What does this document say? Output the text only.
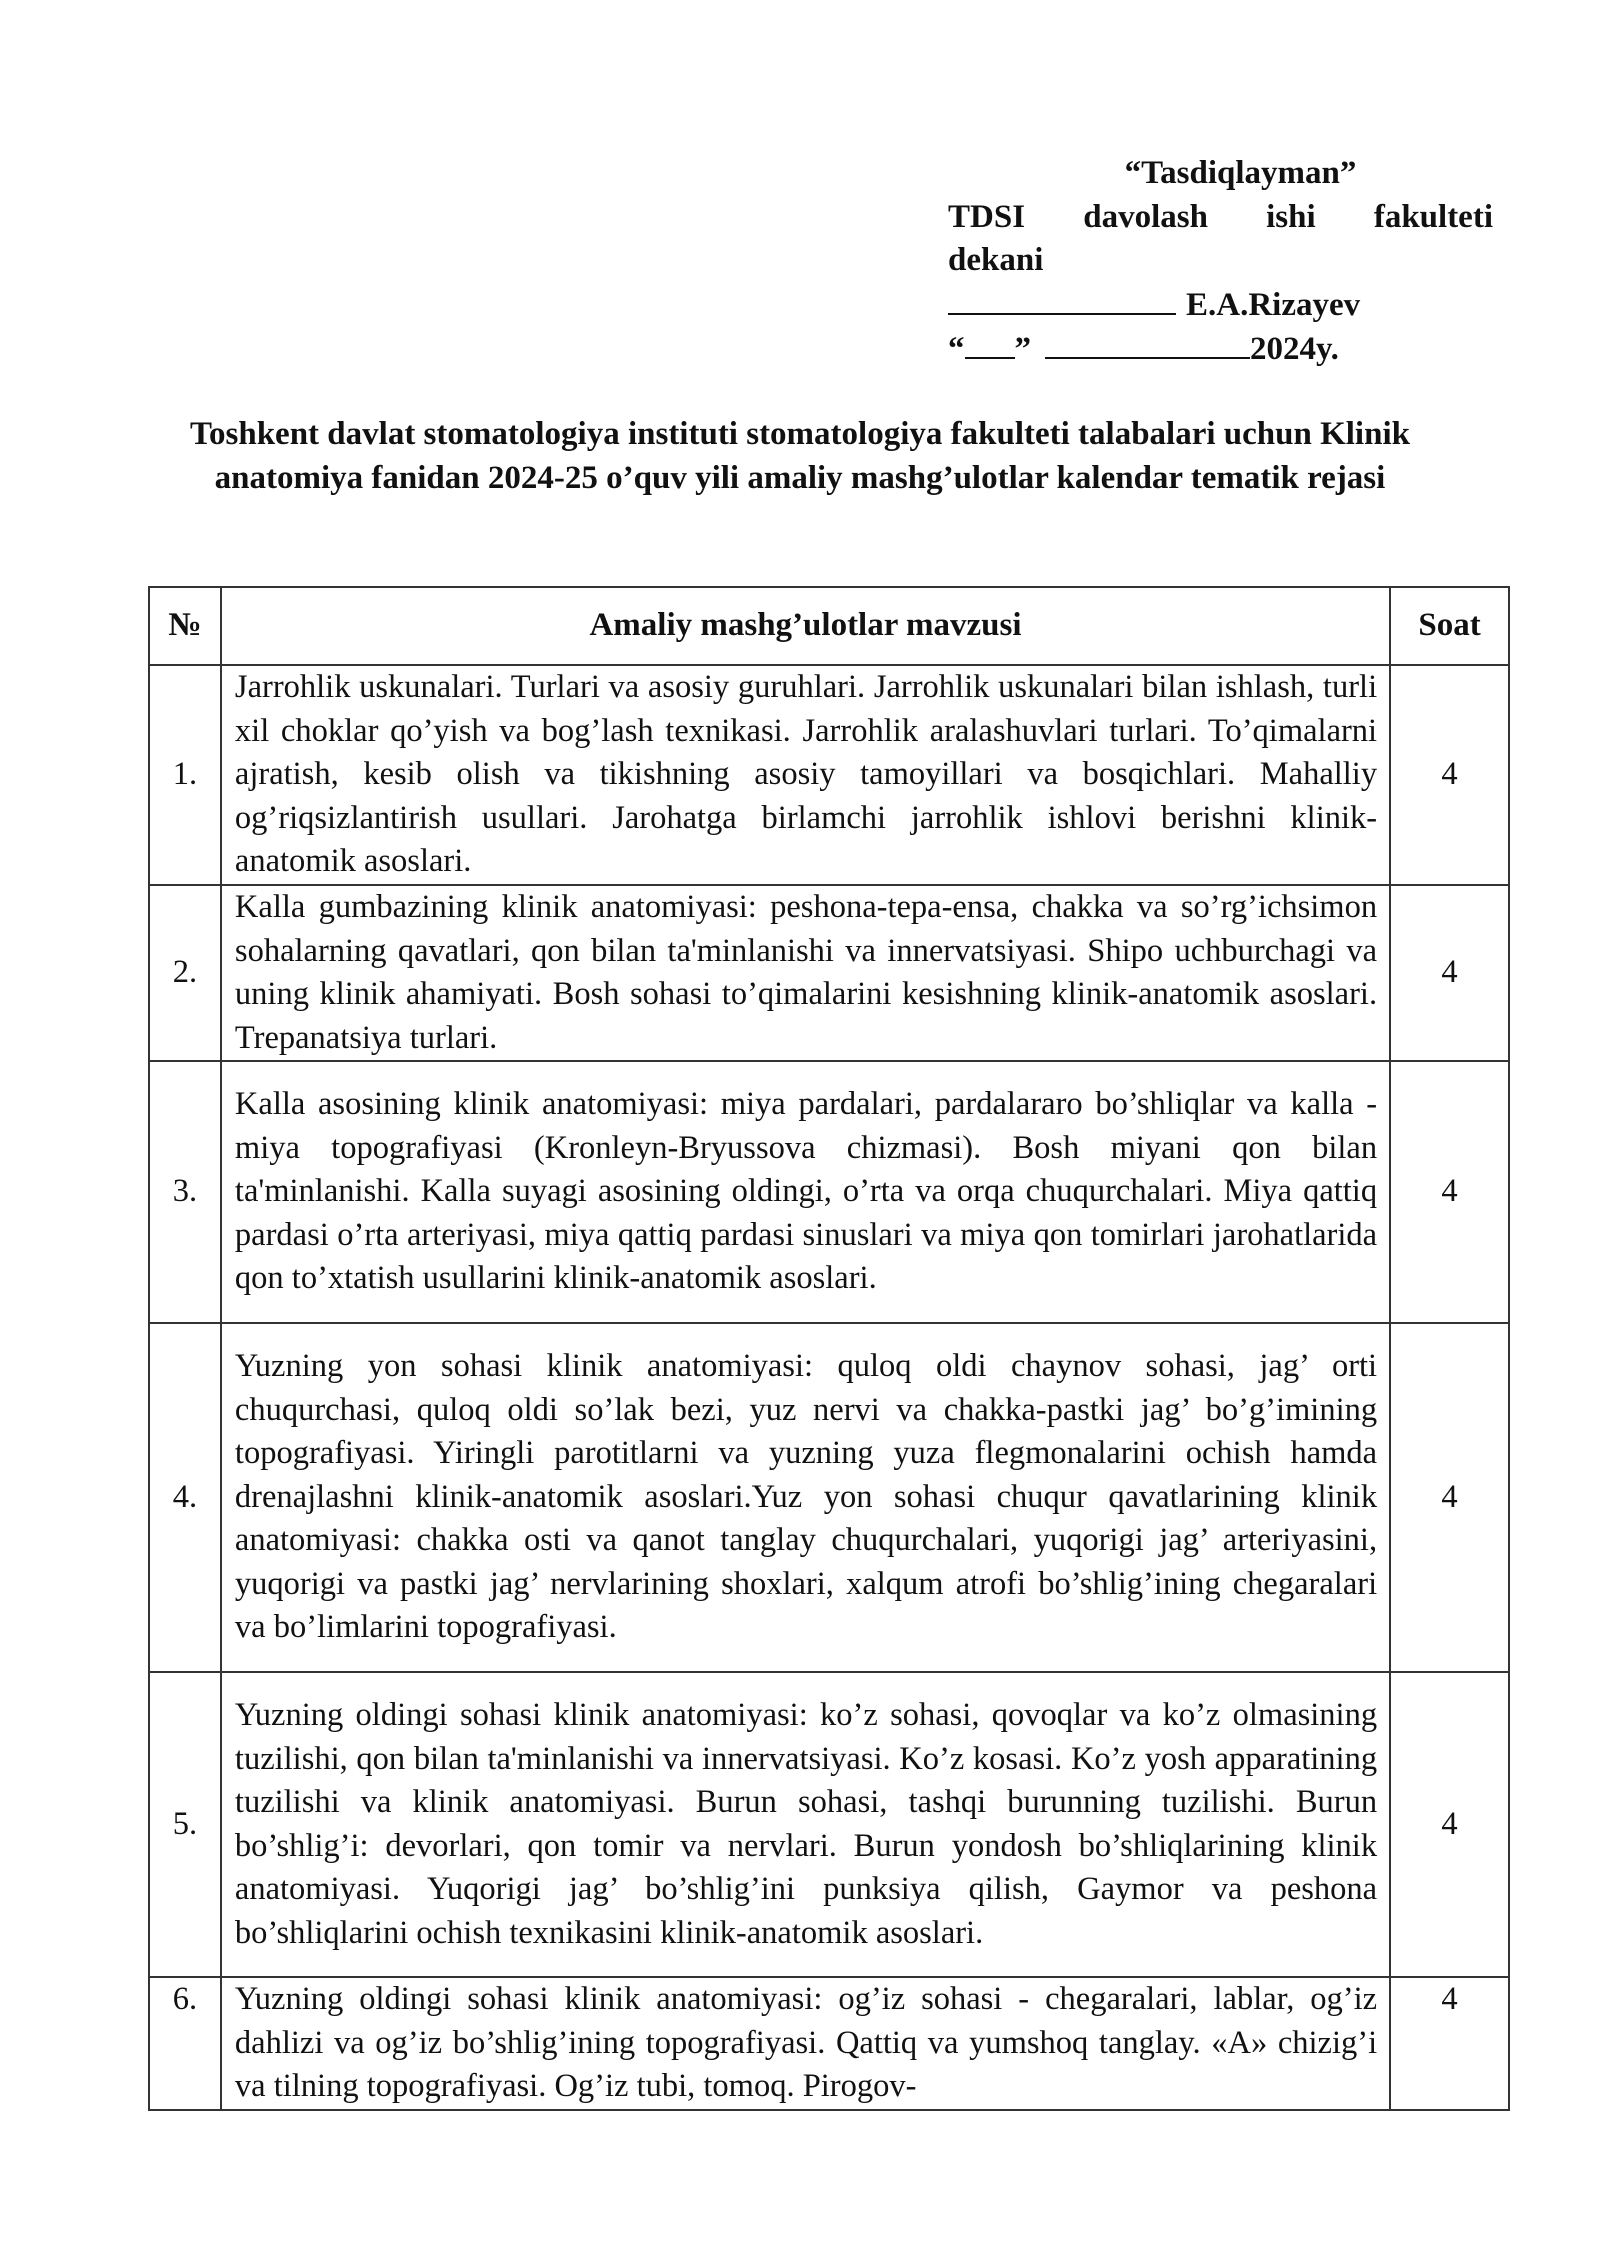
“Tasdiqlayman”
TDSI davolash ishi fakulteti
dekani
E.A.Rizayev
“ ”	2024y.
Toshkent davlat stomatologiya instituti stomatologiya fakulteti talabalari uchun Klinik anatomiya fanidan 2024-25 o’quv yili amaliy mashg’ulotlar kalendar tematik rejasi
№	Amaliy mashg’ulotlar mavzusi	Soat
1.	Jarrohlik uskunalari. Turlari va asosiy guruhlari. Jarrohlik uskunalari bilan ishlash, turli xil choklar qo’yish va bog’lash texnikasi. Jarrohlik aralashuvlari turlari. To’qimalarni ajratish, kesib olish va tikishning asosiy tamoyillari va bosqichlari. Mahalliy og’riqsizlantirish usullari. Jarohatga birlamchi jarrohlik ishlovi berishni klinik-anatomik asoslari.	4
2.	Kalla gumbazining klinik anatomiyasi: peshona-tepa-ensa, chakka va so’rg’ichsimon sohalarning qavatlari, qon bilan ta'minlanishi va innervatsiyasi. Shipo uchburchagi va uning klinik ahamiyati. Bosh sohasi to’qimalarini kesishning klinik-anatomik asoslari. Trepanatsiya turlari.	4
3.	Kalla asosining klinik anatomiyasi: miya pardalari, pardalararo bo’shliqlar va kalla - miya topografiyasi (Kronleyn-Bryussova chizmasi). Bosh miyani qon bilan ta'minlanishi. Kalla suyagi asosining oldingi, o’rta va orqa chuqurchalari. Miya qattiq pardasi o’rta arteriyasi, miya qattiq pardasi sinuslari va miya qon tomirlari jarohatlarida qon to’xtatish usullarini klinik-anatomik asoslari.	4
4.	Yuzning yon sohasi klinik anatomiyasi: quloq oldi chaynov sohasi, jag’ orti chuqurchasi, quloq oldi so’lak bezi, yuz nervi va chakka-pastki jag’ bo’g’imining topografiyasi. Yiringli parotitlarni va yuzning yuza flegmonalarini ochish hamda drenajlashni klinik-anatomik asoslari.Yuz yon sohasi chuqur qavatlarining klinik anatomiyasi: chakka osti va qanot tanglay chuqurchalari, yuqorigi jag’ arteriyasini, yuqorigi va pastki jag’ nervlarining shoxlari, xalqum atrofi bo’shlig’ining chegaralari va bo’limlarini topografiyasi.	4
5.	Yuzning oldingi sohasi klinik anatomiyasi: ko’z sohasi, qovoqlar va ko’z olmasining tuzilishi, qon bilan ta'minlanishi va innervatsiyasi. Ko’z kosasi. Ko’z yosh apparatining tuzilishi va klinik anatomiyasi. Burun sohasi, tashqi burunning tuzilishi. Burun bo’shlig’i: devorlari, qon tomir va nervlari. Burun yondosh bo’shliqlarining klinik anatomiyasi. Yuqorigi jag’ bo’shlig’ini punksiya qilish, Gaymor va peshona bo’shliqlarini ochish texnikasini klinik-anatomik asoslari.	4
6.	Yuzning oldingi sohasi klinik anatomiyasi: og’iz sohasi - chegaralari, lablar, og’iz dahlizi va og’iz bo’shlig’ining topografiyasi. Qattiq va yumshoq tanglay. «A» chizig’i va tilning topografiyasi. Og’iz tubi, tomoq. Pirogov-	4
